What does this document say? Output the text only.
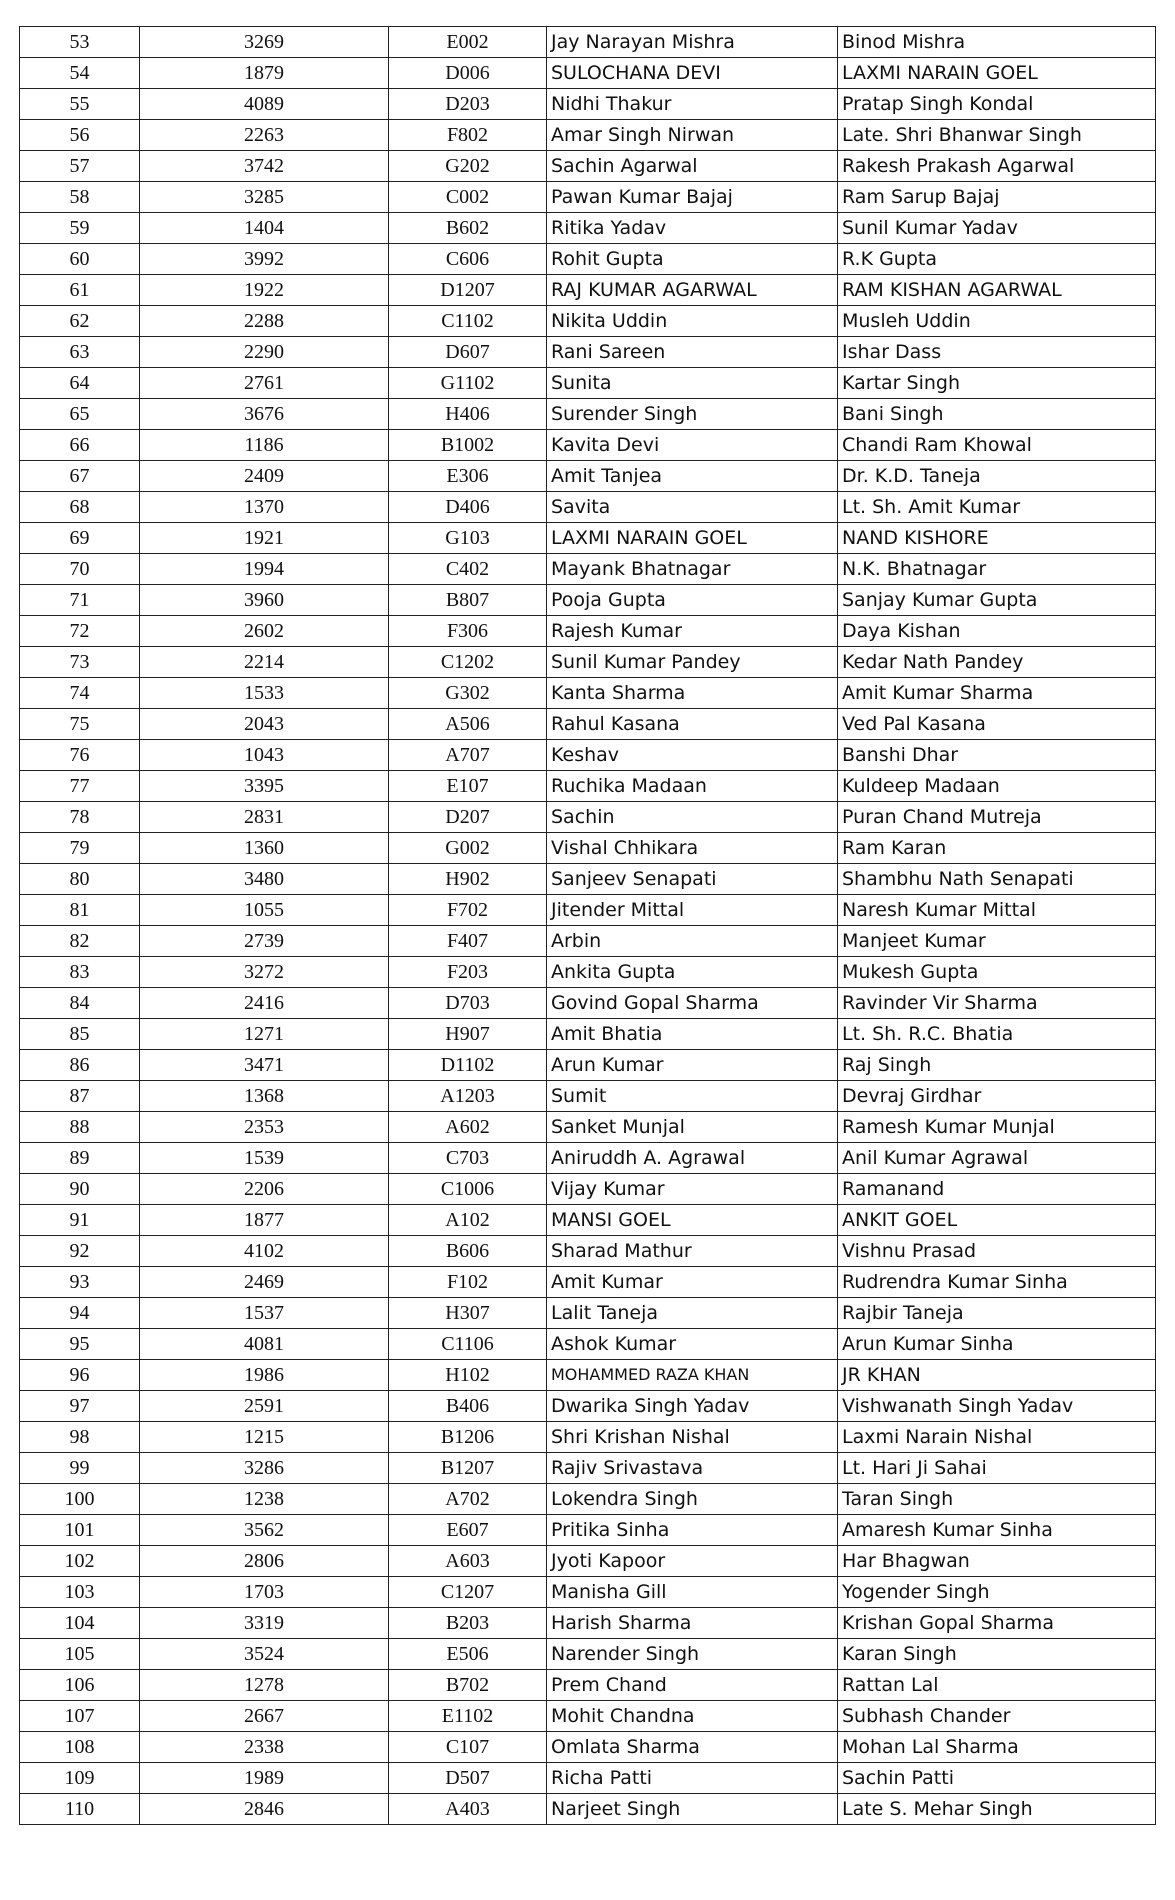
53	3269	E002	Jay Narayan Mishra	Binod Mishra
54	1879	D006	SULOCHANA DEVI	LAXMI NARAIN GOEL
55	4089	D203	Nidhi Thakur	Pratap Singh Kondal
56	2263	F802	Amar Singh Nirwan	Late. Shri Bhanwar Singh
57	3742	G202	Sachin Agarwal	Rakesh Prakash Agarwal
58	3285	C002	Pawan Kumar Bajaj	Ram Sarup Bajaj
59	1404	B602	Ritika Yadav	Sunil Kumar Yadav
60	3992	C606	Rohit Gupta	R.K Gupta
61	1922	D1207	RAJ KUMAR AGARWAL	RAM KISHAN AGARWAL
62	2288	C1102	Nikita Uddin	Musleh Uddin
63	2290	D607	Rani Sareen	Ishar Dass
64	2761	G1102	Sunita	Kartar Singh
65	3676	H406	Surender Singh	Bani Singh
66	1186	B1002	Kavita Devi	Chandi Ram Khowal
67	2409	E306	Amit Tanjea	Dr. K.D. Taneja
68	1370	D406	Savita	Lt. Sh. Amit Kumar
69	1921	G103	LAXMI NARAIN GOEL	NAND KISHORE
70	1994	C402	Mayank Bhatnagar	N.K. Bhatnagar
71	3960	B807	Pooja Gupta	Sanjay Kumar Gupta
72	2602	F306	Rajesh Kumar	Daya Kishan
73	2214	C1202	Sunil Kumar Pandey	Kedar Nath Pandey
74	1533	G302	Kanta Sharma	Amit Kumar Sharma
75	2043	A506	Rahul Kasana	Ved Pal Kasana
76	1043	A707	Keshav	Banshi Dhar
77	3395	E107	Ruchika Madaan	Kuldeep Madaan
78	2831	D207	Sachin	Puran Chand Mutreja
79	1360	G002	Vishal Chhikara	Ram Karan
80	3480	H902	Sanjeev Senapati	Shambhu Nath Senapati
81	1055	F702	Jitender Mittal	Naresh Kumar Mittal
82	2739	F407	Arbin	Manjeet Kumar
83	3272	F203	Ankita Gupta	Mukesh Gupta
84	2416	D703	Govind Gopal Sharma	Ravinder Vir Sharma
85	1271	H907	Amit Bhatia	Lt. Sh. R.C. Bhatia
86	3471	D1102	Arun Kumar	Raj Singh
87	1368	A1203	Sumit	Devraj Girdhar
88	2353	A602	Sanket Munjal	Ramesh Kumar Munjal
89	1539	C703	Aniruddh A. Agrawal	Anil Kumar Agrawal
90	2206	C1006	Vijay Kumar	Ramanand
91	1877	A102	MANSI GOEL	ANKIT GOEL
92	4102	B606	Sharad Mathur	Vishnu Prasad
93	2469	F102	Amit Kumar	Rudrendra Kumar Sinha
94	1537	H307	Lalit Taneja	Rajbir Taneja
95	4081	C1106	Ashok Kumar	Arun Kumar Sinha
96	1986	H102	MOHAMMED RAZA KHAN	JR KHAN
97	2591	B406	Dwarika Singh Yadav	Vishwanath Singh Yadav
98	1215	B1206	Shri Krishan Nishal	Laxmi Narain Nishal
99	3286	B1207	Rajiv Srivastava	Lt. Hari Ji Sahai
100	1238	A702	Lokendra Singh	Taran Singh
101	3562	E607	Pritika Sinha	Amaresh Kumar Sinha
102	2806	A603	Jyoti Kapoor	Har Bhagwan
103	1703	C1207	Manisha Gill	Yogender Singh
104	3319	B203	Harish Sharma	Krishan Gopal Sharma
105	3524	E506	Narender Singh	Karan Singh
106	1278	B702	Prem Chand	Rattan Lal
107	2667	E1102	Mohit Chandna	Subhash Chander
108	2338	C107	Omlata Sharma	Mohan Lal Sharma
109	1989	D507	Richa Patti	Sachin Patti
110	2846	A403	Narjeet Singh	Late S. Mehar Singh
